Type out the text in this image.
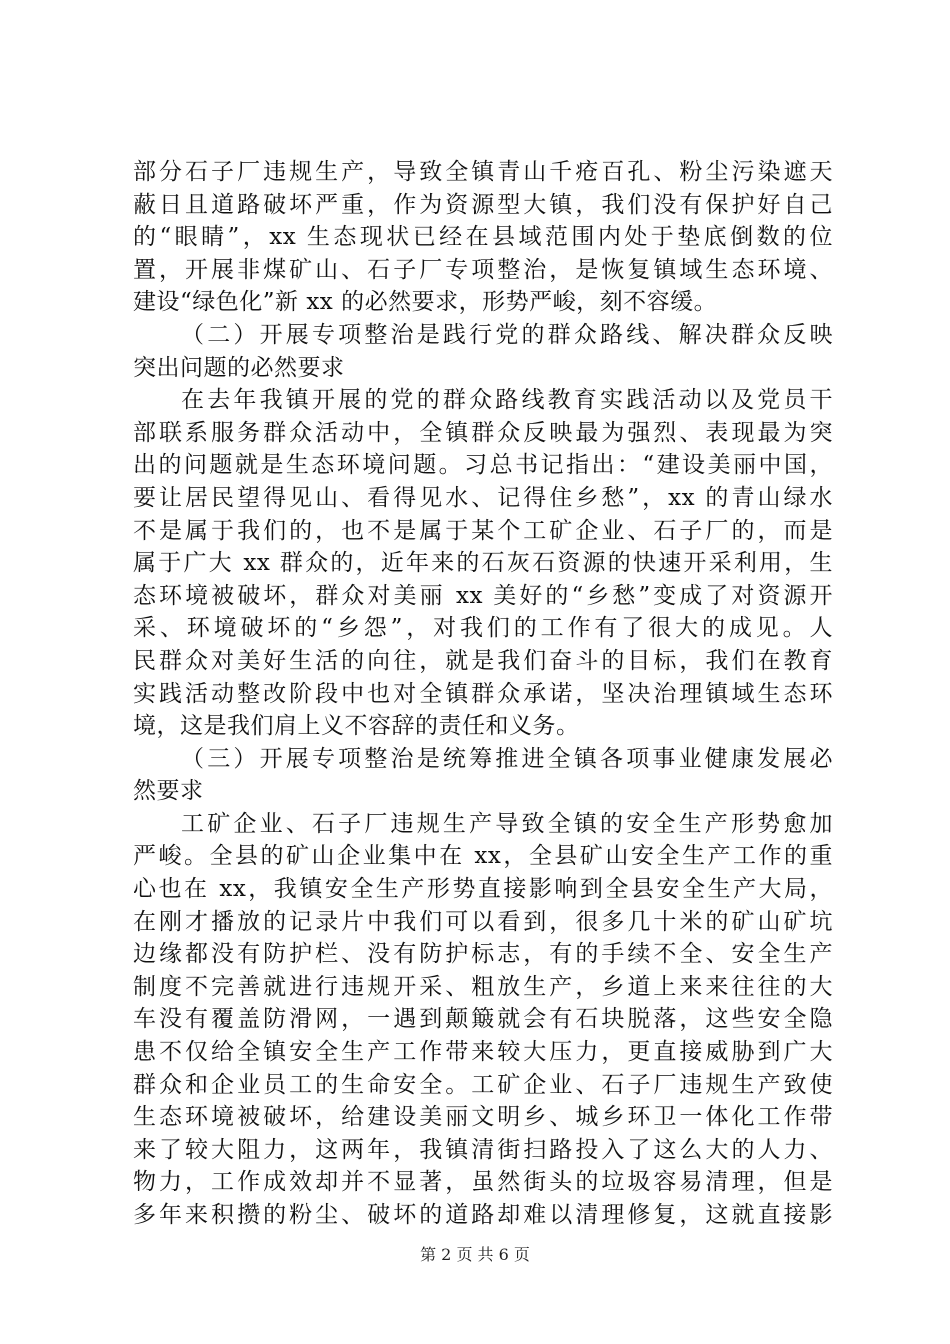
部分石子厂违规生产，导致全镇青山千疮百孔、粉尘污染遮天
蔽日且道路破坏严重，作为资源型大镇，我们没有保护好自己
的“眼睛”，xx 生态现状已经在县域范围内处于垫底倒数的位
置，开展非煤矿山、石子厂专项整治，是恢复镇域生态环境、
建设“绿色化”新 xx 的必然要求，形势严峻，刻不容缓。
（二）开展专项整治是践行党的群众路线、解决群众反映
突出问题的必然要求
在去年我镇开展的党的群众路线教育实践活动以及党员干
部联系服务群众活动中，全镇群众反映最为强烈、表现最为突
出的问题就是生态环境问题。习总书记指出：“建设美丽中国，
要让居民望得见山、看得见水、记得住乡愁”，xx 的青山绿水
不是属于我们的，也不是属于某个工矿企业、石子厂的，而是
属于广大 xx 群众的，近年来的石灰石资源的快速开采利用，生
态环境被破坏，群众对美丽 xx 美好的“乡愁”变成了对资源开
采、环境破坏的“乡怨”，对我们的工作有了很大的成见。人
民群众对美好生活的向往，就是我们奋斗的目标，我们在教育
实践活动整改阶段中也对全镇群众承诺，坚决治理镇域生态环
境，这是我们肩上义不容辞的责任和义务。
（三）开展专项整治是统筹推进全镇各项事业健康发展必
然要求
工矿企业、石子厂违规生产导致全镇的安全生产形势愈加
严峻。全县的矿山企业集中在 xx，全县矿山安全生产工作的重
心也在 xx，我镇安全生产形势直接影响到全县安全生产大局，
在刚才播放的记录片中我们可以看到，很多几十米的矿山矿坑
边缘都没有防护栏、没有防护标志，有的手续不全、安全生产
制度不完善就进行违规开采、粗放生产，乡道上来来往往的大
车没有覆盖防滑网，一遇到颠簸就会有石块脱落，这些安全隐
患不仅给全镇安全生产工作带来较大压力，更直接威胁到广大
群众和企业员工的生命安全。工矿企业、石子厂违规生产致使
生态环境被破坏，给建设美丽文明乡、城乡环卫一体化工作带
来了较大阻力，这两年，我镇清街扫路投入了这么大的人力、
物力，工作成效却并不显著，虽然街头的垃圾容易清理，但是
多年来积攒的粉尘、破坏的道路却难以清理修复，这就直接影
第 2 页 共 6 页
